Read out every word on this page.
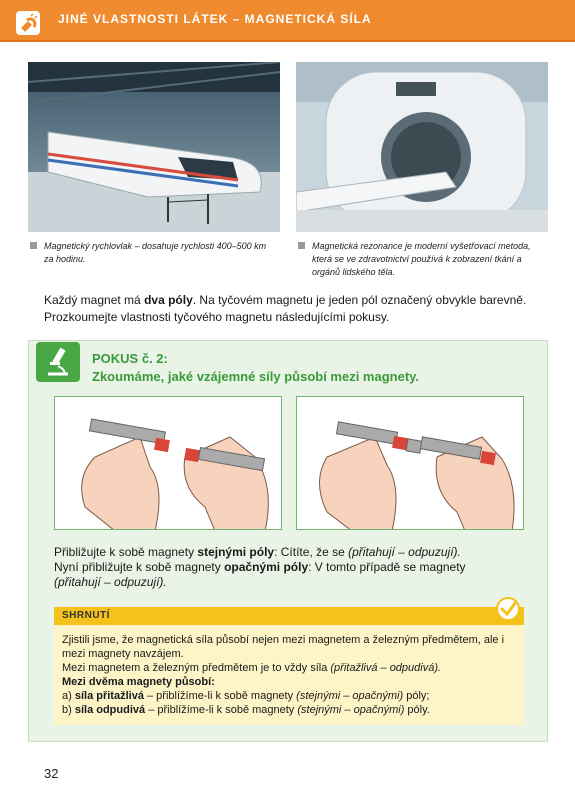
JINÉ VLASTNOSTI LÁTEK – MAGNETICKÁ SÍLA
Magnetický rychlovlak – dosahuje rychlosti 400–500 km za hodinu.
Magnetická rezonance je moderní vyšetřovací metoda, která se ve zdravotnictví používá k zobrazení tkání a orgánů lidského těla.
Každý magnet má dva póly. Na tyčovém magnetu je jeden pól označený obvykle barevně. Prozkoumejte vlastnosti tyčového magnetu následujícími pokusy.
POKUS č. 2:
Zkoumáme, jaké vzájemné síly působí mezi magnety.
Přibližujte k sobě magnety stejnými póly: Cítíte, že se (přitahují – odpuzují).
Nyní přibližujte k sobě magnety opačnými póly: V tomto případě se magnety
(přitahují – odpuzují).
SHRNUTÍ
Zjistili jsme, že magnetická síla působí nejen mezi magnetem a železným předmětem, ale i mezi magnety navzájem.
Mezi magnetem a železným předmětem je to vždy síla (přitažlivá – odpudivá).
Mezi dvěma magnety působí:
a) síla přitažlivá – přiblížíme-li k sobě magnety (stejnými – opačnými) póly;
b) síla odpudivá – přiblížíme-li k sobě magnety (stejnými – opačnými) póly.
32
